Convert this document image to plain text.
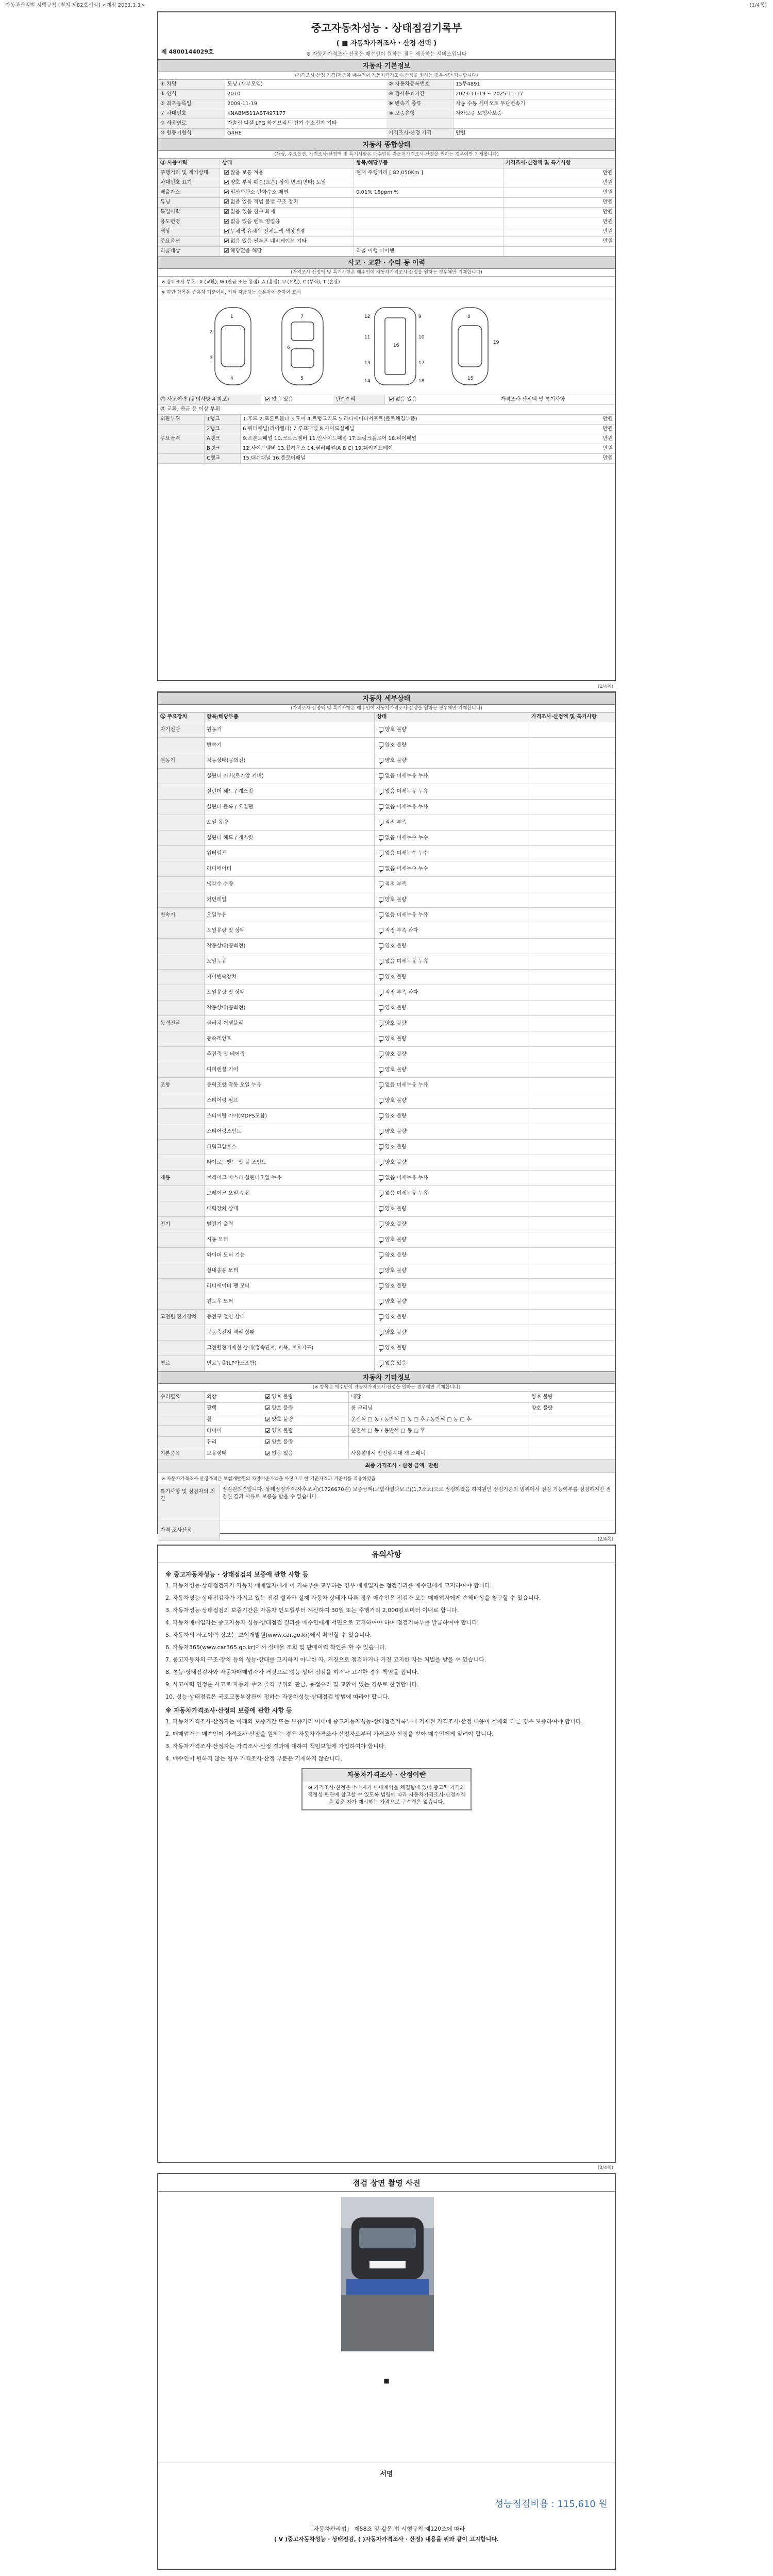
자동차관리법 시행규칙 [별지 제82호서식] <개정 2021.1.1>	(1/4쪽)
중고자동차성능 · 상태점검기록부
( ■ 자동차가격조사 · 산정 선택 )
※ 자동차가격조사·산정은 매수인이 원하는 경우 제공하는 서비스입니다
제 4800144029호
자동차 기본정보
(가격조사·산정 가격(자동차 매수인이 자동차가격조사·산정을 원하는 경우에만 기재합니다)
① 차명	모닝 (새부모델)	② 자동차등록번호	15무4891
③ 연식	2010	④ 검사유효기간	2023-11-19 ~ 2025-11-17
⑤ 최초등록일	2009-11-19	⑥ 변속기 종류	자동 수동 세미오토 무단변속기
⑦ 차대번호	KNABM511ABT497177	⑧ 보증유형	자가보증 보험사보증
⑨ 사용연료	가솔린 디젤 LPG 하이브리드 전기 수소전기 기타
⑩ 원동기형식	G4HE	가격조사·산정 가격	만원
자동차 종합상태
(색상, 주요옵션, 가격조사·산정액 및 특기사항은 매수인이 자동차가격조사·산정을 원하는 경우에만 기재합니다)
⑪ 사용이력	상태	항목/해당부품	가격조사·산정액 및 특기사항
주행거리 및 계기상태 ✔	많음 보통 적음	현재 주행거리 [ 82,050Km ]	만원
차대번호 표기 ✔	양호 부식 훼손(오손) 상이 변조(변타) 도말	만원
배출가스 ✔	일산화탄소 탄화수소 매연	0.01% 15ppm %	만원
튜닝 ✔	없음 있음 적법 불법 구조 장치	만원
특별이력 ✔	없음 있음 침수 화재	만원
용도변경 ✔	없음 있음 렌트 영업용	만원
색상 ✔	무채색 유채색 전체도색 색상변경	만원
주요옵션 ✔	없음 있음 썬루프 네비게이션 기타	만원
리콜대상 ✔	해당없음 해당	리콜 이행 미이행
사고 · 교환 · 수리 등 이력
(가격조사·산정액 및 특기사항은 매수인이 자동차가격조사·산정을 원하는 경우에만 기재합니다)
※ 상태표시 부호 : X (교환), W (판금 또는 용접), A (흠집), U (요철), C (부식), T (손상)
※ 하단 항목은 승용차 기준이며, 기타 자동차는 승용차에 준하여 표시
1
2
3
4
7
5
6
12
11
16
13
14
9
10
17
18
8
19
15
⑳ 사고이력 (유의사항 4 참조) ✔	없음 있음	단순수리 ✔	없음 있음	가격조사·산정액 및 특기사항
㉑ 교환, 판금 등 이상 부위
외판부위	1랭크	1.후드 2.프론트휀더 3.도어 4.트렁크리드 5.라디에이터서포트(볼트체결부품)	만원
2랭크	6.쿼터패널(리어휀더) 7.루프패널 8.사이드실패널	만원
주요골격	A랭크	9.프론트패널 10.크로스멤버 11.인사이드패널 17.트렁크플로어 18.리어패널	만원
B랭크	12.사이드멤버 13.휠하우스 14.필러패널(A B C) 19.패키지트레이	만원
C랭크	15.대쉬패널 16.플로어패널	만원
(1/4쪽)
자동차 세부상태
(가격조사·산정액 및 특기사항은 매수인이 자동차가격조사·산정을 원하는 경우에만 기재합니다)
㉒ 주요장치	항목/해당부품	상태	가격조사·산정액 및 특기사항
자기진단	원동기 ✔	양호 불량
변속기 ✔	양호 불량
원동기	작동상태(공회전) ✔	양호 불량
실린더 커버(로커암 커버) ✔	없음 미세누유 누유
실린더 헤드 / 개스킷 ✔	없음 미세누유 누유
실린더 블록 / 오일팬 ✔	없음 미세누유 누유
오일 유량 ✔	적정 부족
실린더 헤드 / 개스킷 ✔	없음 미세누수 누수
워터펌프 ✔	없음 미세누수 누수
라디에이터 ✔	없음 미세누수 누수
냉각수 수량 ✔	적정 부족
커먼레일 ✔	양호 불량
변속기	오일누유 ✔	없음 미세누유 누유
오일유량 및 상태 ✔	적정 부족 과다
작동상태(공회전) ✔	양호 불량
오일누유 ✔	없음 미세누유 누유
기어변속장치 ✔	양호 불량
오일유량 및 상태 ✔	적정 부족 과다
작동상태(공회전) ✔	양호 불량
동력전달	클러치 어셈블리 ✔	양호 불량
등속조인트 ✔	양호 불량
추진축 및 베어링 ✔	양호 불량
디퍼렌셜 기어 ✔	양호 불량
조향	동력조향 작동 오일 누유 ✔	없음 미세누유 누유
스티어링 펌프 ✔	양호 불량
스티어링 기어(MDPS포함) ✔	양호 불량
스티어링조인트 ✔	양호 불량
파워고압호스 ✔	양호 불량
타이로드엔드 및 볼 조인트 ✔	양호 불량
제동	브레이크 마스터 실린더오일 누유 ✔	없음 미세누유 누유
브레이크 오일 누유 ✔	없음 미세누유 누유
배력장치 상태 ✔	양호 불량
전기	발전기 출력 ✔	양호 불량
시동 모터 ✔	양호 불량
와이퍼 모터 기능 ✔	양호 불량
실내송풍 모터 ✔	양호 불량
라디에이터 팬 모터 ✔	양호 불량
윈도우 모터 ✔	양호 불량
고전원 전기장치	충전구 절연 상태 ✔	양호 불량
구동축전지 격리 상태 ✔	양호 불량
고전원전기배선 상태(접속단자, 피복, 보호기구) ✔	양호 불량
연료	연료누출(LP가스포함) ✔	없음 있음
자동차 기타정보
(※ 항목은 매수인이 자동차가격조사·산정을 원하는 경우에만 기재합니다)
수리필요	외장 ✔	양호 불량	내장	양호 불량
광택 ✔	양호 불량	룸 크리닝	양호 불량
휠 ✔	양호 불량	운전석 □ 동 / 동반석 □ 동 □ 후 / 동반석 □ 동 □ 후
타이어 ✔	양호 불량	운전석 □ 동 / 동반석 □ 동 □ 후
유리 ✔	양호 불량
기본품목	보유상태 ✔	없음 있음	사용설명서 안전삼각대 잭 스패너
최종 가격조사 · 산정 금액 만원
※ 자동차가격조사·산정가격은 보험개발원의 차량기준가액을 바탕으로 한 기준가격과 기준서를 적용하였음
특기사항 및 점검자의 의견
점검원의견입니다. 상태점검가격(사후조치)(1726670원) 보증금액(보험사결과보고)(1,7소요)으로 점검하였음 하지원인 점검기준의 범위에서 점검 기능여부를 점검하지만 점검된 결과 사유로 보증을 받을 수 없습니다.
가격·조사산정
(2/4쪽)
유의사항
※ 중고자동차성능 · 상태점검의 보증에 관한 사항 등

1. 자동차성능·상태점검자가 자동차 매매업자에게 이 기록부를 교부하는 경우 매매업자는 점검결과를 매수인에게 고지하여야 합니다.

2. 자동차성능·상태점검자가 가지고 있는 점검 결과와 실제 자동차 상태가 다른 경우 매수인은 점검자 또는 매매업자에게 손해배상을 청구할 수 있습니다.

3. 자동차성능·상태점검의 보증기간은 자동차 인도일부터 계산하여 30일 또는 주행거리 2,000킬로미터 이내로 합니다.

4. 자동차매매업자는 중고자동차 성능·상태점검 결과를 매수인에게 서면으로 고지하여야 하며 점검기록부를 발급하여야 합니다.

5. 자동차의 사고이력 정보는 보험개발원(www.car.go.kr)에서 확인할 수 있습니다.

6. 자동차365(www.car365.go.kr)에서 실매물 조회 및 판매이력 확인을 할 수 있습니다.

7. 중고자동차의 구조·장치 등의 성능·상태를 고지하지 아니한 자, 거짓으로 점검하거나 거짓 고지한 자는 처벌을 받을 수 있습니다.

8. 성능·상태점검자와 자동차매매업자가 거짓으로 성능·상태 점검을 하거나 고지한 경우 책임을 집니다.

9. 사고이력 인정은 사고로 자동차 주요 골격 부위의 판금, 용접수리 및 교환이 있는 경우로 한정합니다.

10. 성능·상태점검은 국토교통부장관이 정하는 자동차성능·상태점검 방법에 따라야 합니다.

※ 자동차가격조사·산정의 보증에 관한 사항 등

1. 자동차가격조사·산정자는 아래의 보증기간 또는 보증거리 이내에 중고자동차성능·상태점검기록부에 기재된 가격조사·산정 내용이 실제와 다른 경우 보증하여야 합니다.

2. 매매업자는 매수인이 가격조사·산정을 원하는 경우 자동차가격조사·산정자로부터 가격조사·산정을 받아 매수인에게 알려야 합니다.

3. 자동차가격조사·산정자는 가격조사·산정 결과에 대하여 책임보험에 가입하여야 합니다.

4. 매수인이 원하지 않는 경우 가격조사·산정 부분은 기재하지 않습니다.

자동차가격조사 · 산정이란
※ 가격조사·산정은 소비자가 매매계약을 체결함에 있어 중고차 가격의 적정성 판단에 참고할 수 있도록 법령에 따라 자동차가격조사·산정자격을 갖춘 자가 제시하는 가격으로 구속력은 없습니다.
(3/4쪽)
점검 장면 촬영 사진
■
서명
성능점검비용 : 115,610 원
「자동차관리법」 제58조 및 같은 법 시행규칙 제120조에 따라
( V )중고자동차성능 · 상태점검, ( )자동차가격조사 · 산정) 내용을 위와 같이 고지합니다.
